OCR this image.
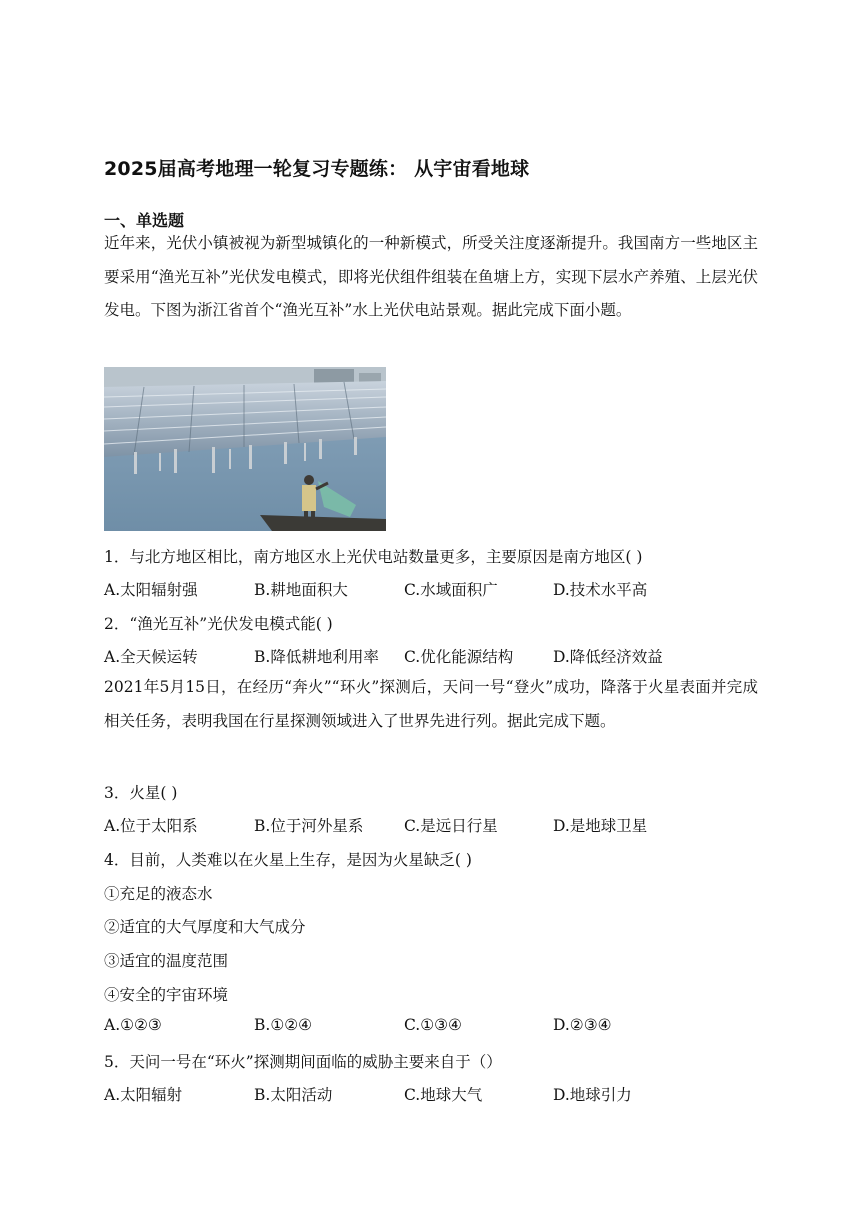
2025届高考地理一轮复习专题练： 从宇宙看地球
一、单选题
近年来，光伏小镇被视为新型城镇化的一种新模式，所受关注度逐渐提升。我国南方一些地区主要采用“渔光互补”光伏发电模式，即将光伏组件组装在鱼塘上方，实现下层水产养殖、上层光伏发电。下图为浙江省首个“渔光互补”水上光伏电站景观。据此完成下面小题。
1．与北方地区相比，南方地区水上光伏电站数量更多，主要原因是南方地区( )
A.太阳辐射强	B.耕地面积大	C.水域面积广	D.技术水平高
2．“渔光互补”光伏发电模式能( )
A.全天候运转	B.降低耕地利用率 C.优化能源结构	D.降低经济效益
2021年5月15日，在经历“奔火”“环火”探测后，天问一号“登火”成功，降落于火星表面并完成相关任务，表明我国在行星探测领域进入了世界先进行列。据此完成下题。
3．火星( )
A.位于太阳系	B.位于河外星系	C.是远日行星	D.是地球卫星
4．目前，人类难以在火星上生存，是因为火星缺乏( )
①充足的液态水
②适宜的大气厚度和大气成分
③适宜的温度范围
④安全的宇宙环境
A.①②③	B.①②④	C.①③④	D.②③④
5．天问一号在“环火”探测期间面临的威胁主要来自于（）
A.太阳辐射	B.太阳活动	C.地球大气	D.地球引力
